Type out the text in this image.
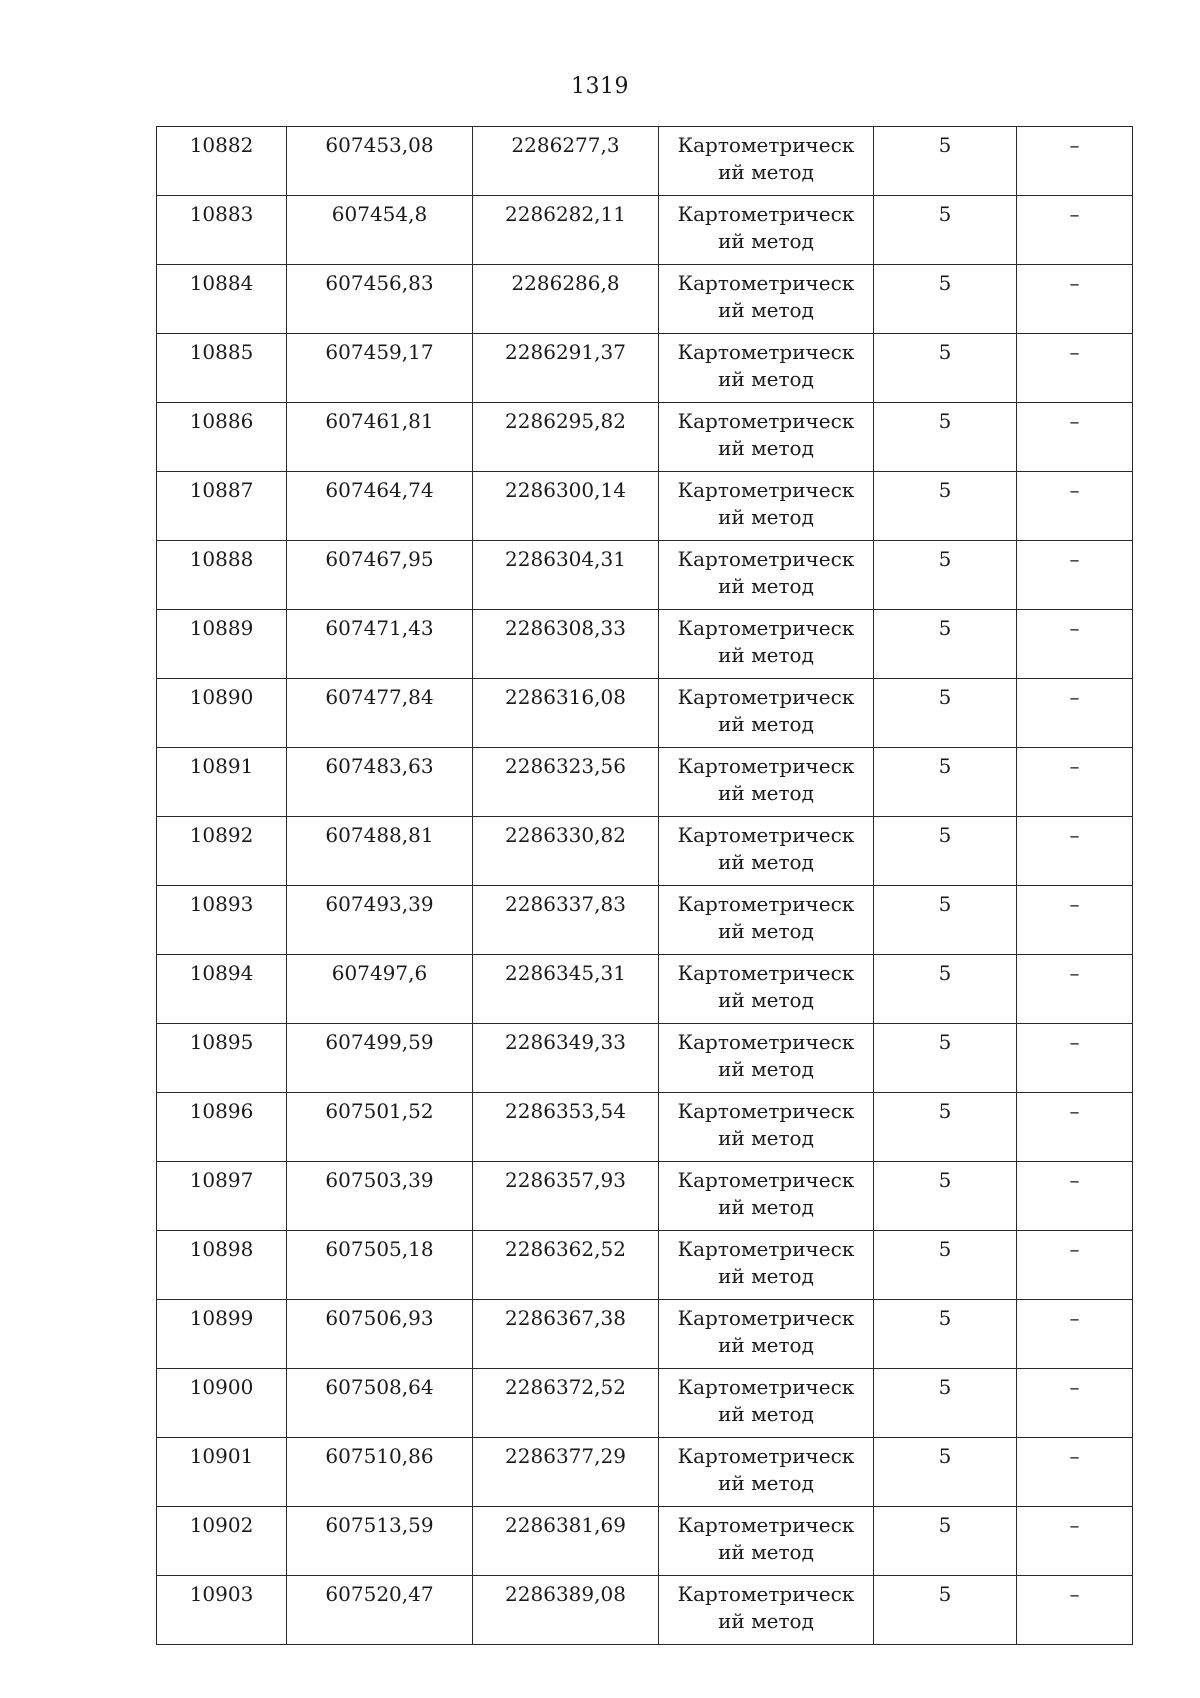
1319
10882	607453,08	2286277,3	Картометрический метод	5	–
10883	607454,8	2286282,11	Картометрический метод	5	–
10884	607456,83	2286286,8	Картометрический метод	5	–
10885	607459,17	2286291,37	Картометрический метод	5	–
10886	607461,81	2286295,82	Картометрический метод	5	–
10887	607464,74	2286300,14	Картометрический метод	5	–
10888	607467,95	2286304,31	Картометрический метод	5	–
10889	607471,43	2286308,33	Картометрический метод	5	–
10890	607477,84	2286316,08	Картометрический метод	5	–
10891	607483,63	2286323,56	Картометрический метод	5	–
10892	607488,81	2286330,82	Картометрический метод	5	–
10893	607493,39	2286337,83	Картометрический метод	5	–
10894	607497,6	2286345,31	Картометрический метод	5	–
10895	607499,59	2286349,33	Картометрический метод	5	–
10896	607501,52	2286353,54	Картометрический метод	5	–
10897	607503,39	2286357,93	Картометрический метод	5	–
10898	607505,18	2286362,52	Картометрический метод	5	–
10899	607506,93	2286367,38	Картометрический метод	5	–
10900	607508,64	2286372,52	Картометрический метод	5	–
10901	607510,86	2286377,29	Картометрический метод	5	–
10902	607513,59	2286381,69	Картометрический метод	5	–
10903	607520,47	2286389,08	Картометрический метод	5	–
